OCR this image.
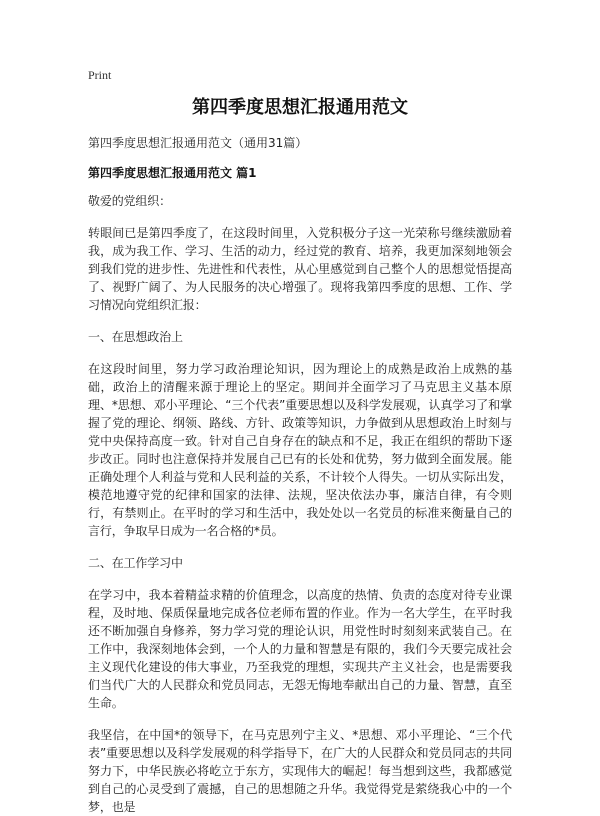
Print
第四季度思想汇报通用范文

第四季度思想汇报通用范文（通用31篇）

第四季度思想汇报通用范文 篇1

敬爱的党组织：

转眼间已是第四季度了，在这段时间里，入党积极分子这一光荣称号继续激励着我，成为我工作、学习、生活的动力，经过党的教育、培养，我更加深刻地领会到我们党的进步性、先进性和代表性，从心里感觉到自己整个人的思想觉悟提高了、视野广阔了、为人民服务的决心增强了。现将我第四季度的思想、工作、学习情况向党组织汇报：

一、在思想政治上

在这段时间里，努力学习政治理论知识，因为理论上的成熟是政治上成熟的基础，政治上的清醒来源于理论上的坚定。期间并全面学习了马克思主义基本原理、*思想、邓小平理论、“三个代表”重要思想以及科学发展观，认真学习了和掌握了党的理论、纲领、路线、方针、政策等知识，力争做到从思想政治上时刻与党中央保持高度一致。针对自己自身存在的缺点和不足，我正在组织的帮助下逐步改正。同时也注意保持并发展自己已有的长处和优势，努力做到全面发展。能正确处理个人利益与党和人民利益的关系，不计较个人得失。一切从实际出发，模范地遵守党的纪律和国家的法律、法规，坚决依法办事，廉洁自律，有令则行，有禁则止。在平时的学习和生活中，我处处以一名党员的标准来衡量自己的言行，争取早日成为一名合格的*员。

二、在工作学习中

在学习中，我本着精益求精的价值理念，以高度的热情、负责的态度对待专业课程，及时地、保质保量地完成各位老师布置的作业。作为一名大学生，在平时我还不断加强自身修养，努力学习党的理论认识，用党性时时刻刻来武装自己。在工作中，我深刻地体会到，一个人的力量和智慧是有限的，我们今天要完成社会主义现代化建设的伟大事业，乃至我党的理想，实现共产主义社会，也是需要我们当代广大的人民群众和党员同志，无怨无悔地奉献出自己的力量、智慧，直至生命。

我坚信，在中国*的领导下，在马克思列宁主义、*思想、邓小平理论、“三个代表”重要思想以及科学发展观的科学指导下，在广大的人民群众和党员同志的共同努力下，中华民族必将屹立于东方，实现伟大的崛起！每当想到这些，我都感觉到自己的心灵受到了震撼，自己的思想随之升华。我觉得党是萦绕我心中的一个梦，也是
